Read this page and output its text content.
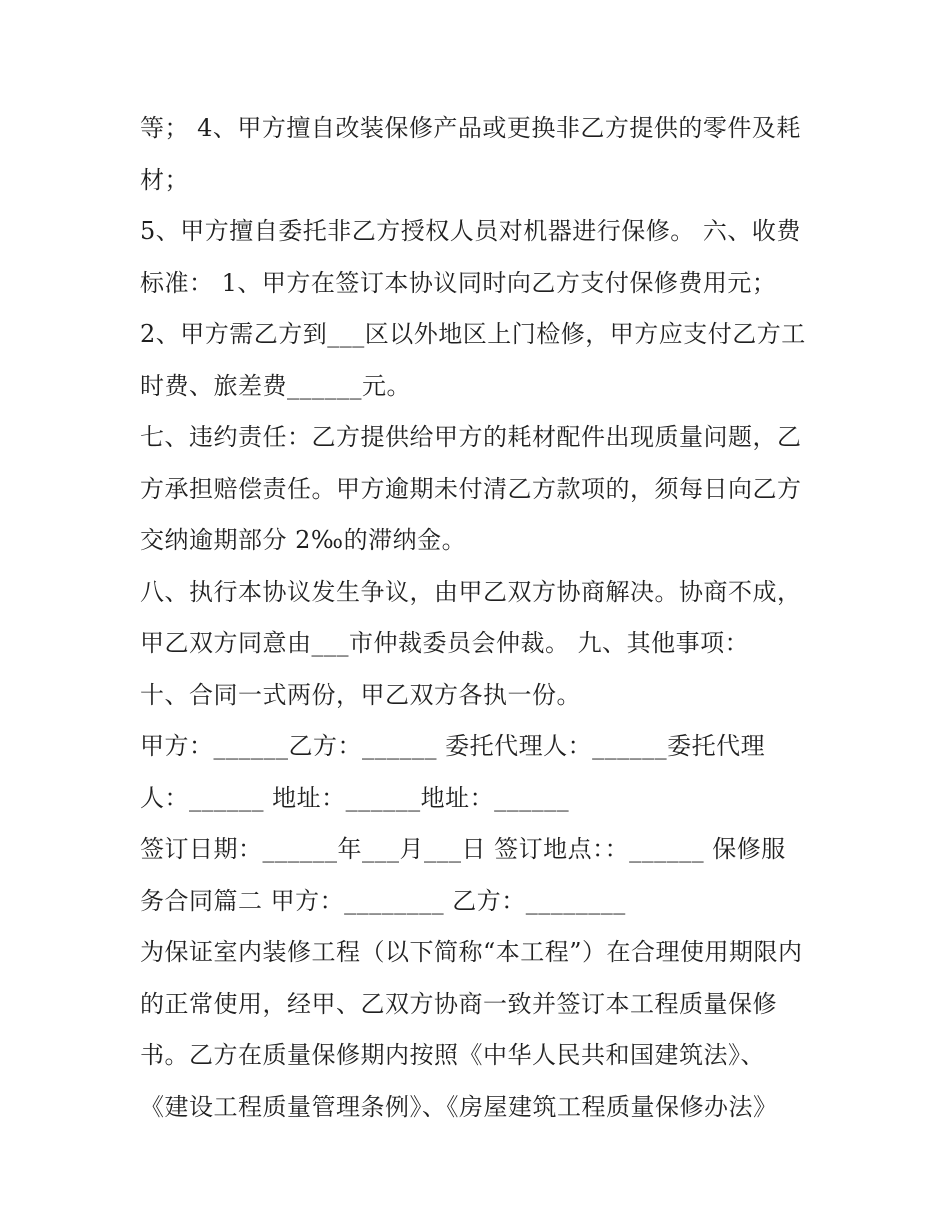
等； 4、甲方擅自改装保修产品或更换非乙方提供的零件及耗
材；
5、甲方擅自委托非乙方授权人员对机器进行保修。 六、收费
标准： 1、甲方在签订本协议同时向乙方支付保修费用元；
2、甲方需乙方到___区以外地区上门检修，甲方应支付乙方工
时费、旅差费______元。
七、违约责任：乙方提供给甲方的耗材配件出现质量问题，乙
方承担赔偿责任。甲方逾期未付清乙方款项的，须每日向乙方
交纳逾期部分 2‰的滞纳金。
八、执行本协议发生争议，由甲乙双方协商解决。协商不成，
甲乙双方同意由___市仲裁委员会仲裁。 九、其他事项：
十、合同一式两份，甲乙双方各执一份。
甲方：______乙方：______ 委托代理人：______委托代理
人：______ 地址：______地址：______
签订日期：______年___月___日 签订地点：：______ 保修服
务合同篇二 甲方：________ 乙方：________
为保证室内装修工程（以下简称“本工程”）在合理使用期限内
的正常使用，经甲、乙双方协商一致并签订本工程质量保修
书。乙方在质量保修期内按照《中华人民共和国建筑法》、
《建设工程质量管理条例》、《房屋建筑工程质量保修办法》
